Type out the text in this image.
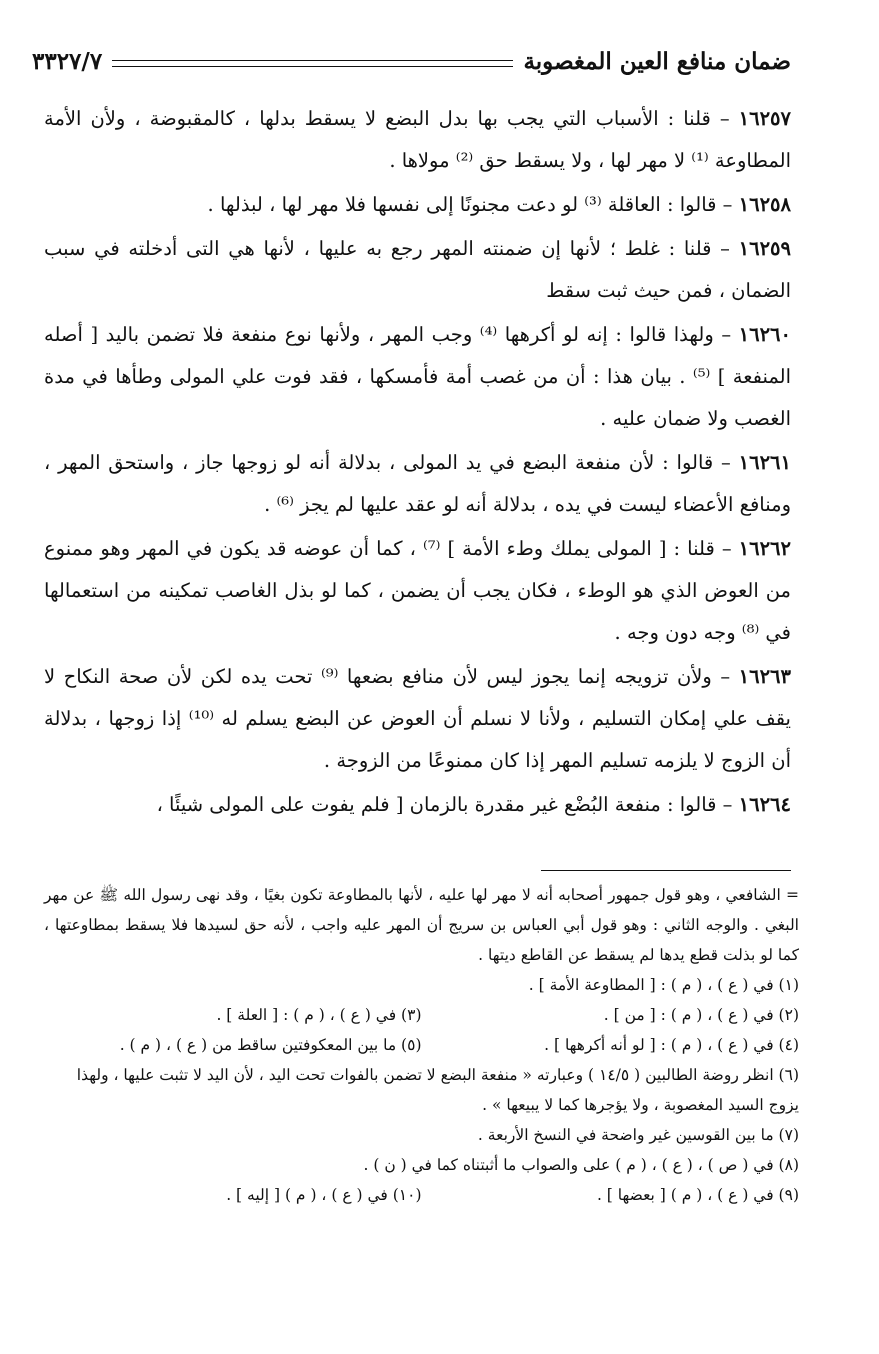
ضمان منافع العين المغصوبة
٣٣٢٧/٧

١٦٢٥٧ – قلنا : الأسباب التي يجب بها بدل البضع لا يسقط بدلها ، كالمقبوضة ، ولأن الأمة المطاوعة ⁽¹⁾ لا مهر لها ، ولا يسقط حق ⁽²⁾ مولاها .

١٦٢٥٨ – قالوا : العاقلة ⁽³⁾ لو دعت مجنونًا إلى نفسها فلا مهر لها ، لبذلها .

١٦٢٥٩ – قلنا : غلط ؛ لأنها إن ضمنته المهر رجع به عليها ، لأنها هي التى أدخلته في سبب الضمان ، فمن حيث ثبت سقط

١٦٢٦٠ – ولهذا قالوا : إنه لو أكرهها ⁽⁴⁾ وجب المهر ، ولأنها نوع منفعة فلا تضمن باليد [ أصله المنفعة ] ⁽⁵⁾ . بيان هذا : أن من غصب أمة فأمسكها ، فقد فوت علي المولى وطأها في مدة الغصب ولا ضمان عليه .

١٦٢٦١ – قالوا : لأن منفعة البضع في يد المولى ، بدلالة أنه لو زوجها جاز ، واستحق المهر ، ومنافع الأعضاء ليست في يده ، بدلالة أنه لو عقد عليها لم يجز ⁽⁶⁾ .

١٦٢٦٢ – قلنا : [ المولى يملك وطء الأمة ] ⁽⁷⁾ ، كما أن عوضه قد يكون في المهر وهو ممنوع من العوض الذي هو الوطء ، فكان يجب أن يضمن ، كما لو بذل الغاصب تمكينه من استعمالها في ⁽⁸⁾ وجه دون وجه .

١٦٢٦٣ – ولأن تزويجه إنما يجوز ليس لأن منافع بضعها ⁽⁹⁾ تحت يده لكن لأن صحة النكاح لا يقف علي إمكان التسليم ، ولأنا لا نسلم أن العوض عن البضع يسلم له ⁽¹⁰⁾ إذا زوجها ، بدلالة أن الزوج لا يلزمه تسليم المهر إذا كان ممنوعًا من الزوجة .

١٦٢٦٤ – قالوا : منفعة البُضْع غير مقدرة بالزمان [ فلم يفوت على المولى شيئًا ،

= الشافعي ، وهو قول جمهور أصحابه أنه لا مهر لها عليه ، لأنها بالمطاوعة تكون بغيًا ، وقد نهى رسول الله ﷺ عن مهر البغي . والوجه الثاني : وهو قول أبي العباس بن سريج أن المهر عليه واجب ، لأنه حق لسيدها فلا يسقط بمطاوعتها ، كما لو بذلت قطع يدها لم يسقط عن القاطع ديتها .

(١) في ( ع ) ، ( م ) : [ المطاوعة الأمة ] .

(٢) في ( ع ) ، ( م ) : [ من ] .

(٣) في ( ع ) ، ( م ) : [ العلة ] .

(٤) في ( ع ) ، ( م ) : [ لو أنه أكرهها ] .

(٥) ما بين المعكوفتين ساقط من ( ع ) ، ( م ) .

(٦) انظر روضة الطالبين ( ١٤/٥ ) وعبارته « منفعة البضع لا تضمن بالفوات تحت اليد ، لأن اليد لا تثبت عليها ، ولهذا يزوج السيد المغصوبة ، ولا يؤجرها كما لا يبيعها » .

(٧) ما بين القوسين غير واضحة في النسخ الأربعة .

(٨) في ( ص ) ، ( ع ) ، ( م ) على والصواب ما أثبتناه كما في ( ن ) .

(٩) في ( ع ) ، ( م ) [ بعضها ] .

(١٠) في ( ع ) ، ( م ) [ إليه ] .
